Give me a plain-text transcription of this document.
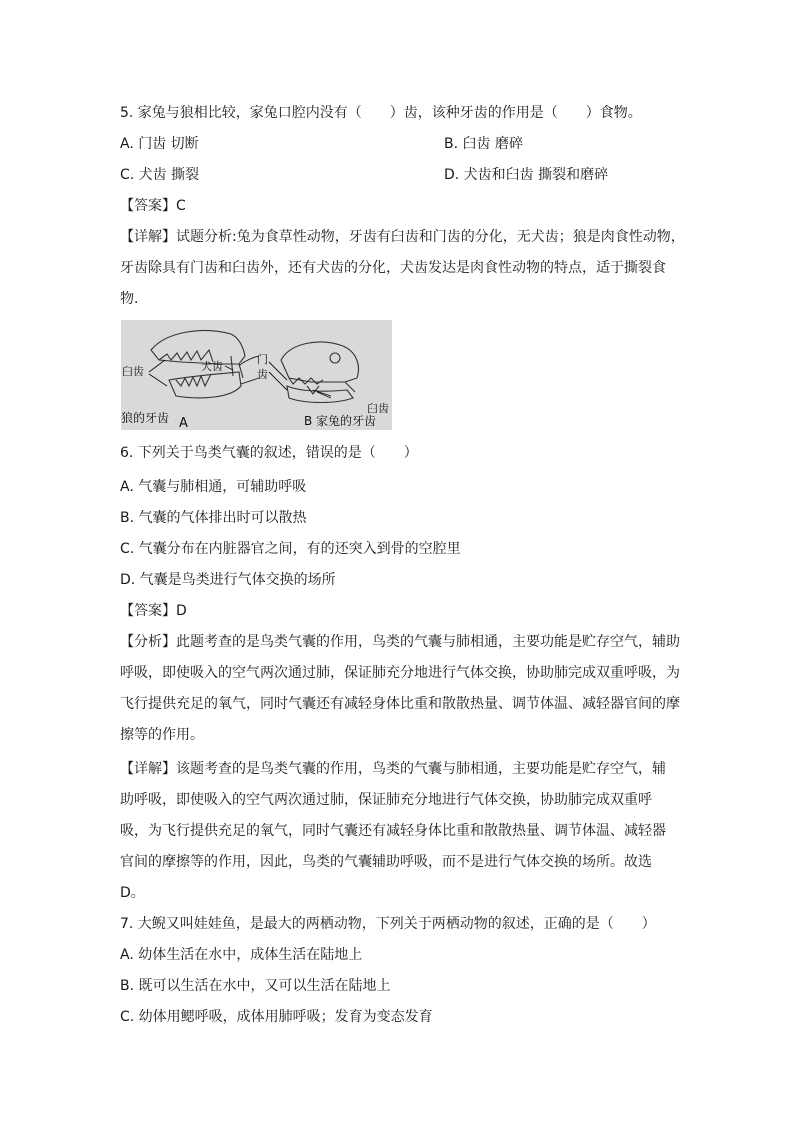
5. 家兔与狼相比较，家兔口腔内没有（　　）齿，该种牙齿的作用是（　　）食物。
A. 门齿 切断	B. 臼齿 磨碎
C. 犬齿 撕裂	D. 犬齿和臼齿 撕裂和磨碎
【答案】C
【详解】试题分析:兔为食草性动物，牙齿有臼齿和门齿的分化，无犬齿；狼是肉食性动物，
牙齿除具有门齿和臼齿外，还有犬齿的分化，犬齿发达是肉食性动物的特点，适于撕裂食
物．
臼齿	犬齿
门
齿
臼齿
狼的牙齿 A	B 家兔的牙齿
6. 下列关于鸟类气囊的叙述，错误的是（　　）
A. 气囊与肺相通，可辅助呼吸
B. 气囊的气体排出时可以散热
C. 气囊分布在内脏器官之间，有的还突入到骨的空腔里
D. 气囊是鸟类进行气体交换的场所
【答案】D
【分析】此题考查的是鸟类气囊的作用，鸟类的气囊与肺相通，主要功能是贮存空气，辅助
呼吸，即使吸入的空气两次通过肺，保证肺充分地进行气体交换，协助肺完成双重呼吸，为
飞行提供充足的氧气，同时气囊还有减轻身体比重和散散热量、调节体温、减轻器官间的摩
擦等的作用。
【详解】该题考查的是鸟类气囊的作用，鸟类的气囊与肺相通，主要功能是贮存空气，辅
助呼吸，即使吸入的空气两次通过肺，保证肺充分地进行气体交换，协助肺完成双重呼
吸，为飞行提供充足的氧气，同时气囊还有减轻身体比重和散散热量、调节体温、减轻器
官间的摩擦等的作用，因此，鸟类的气囊辅助呼吸，而不是进行气体交换的场所。故选
D。
7. 大鲵又叫娃娃鱼，是最大的两栖动物，下列关于两栖动物的叙述，正确的是（　　）
A. 幼体生活在水中，成体生活在陆地上
B. 既可以生活在水中，又可以生活在陆地上
C. 幼体用鳃呼吸，成体用肺呼吸；发育为变态发育
